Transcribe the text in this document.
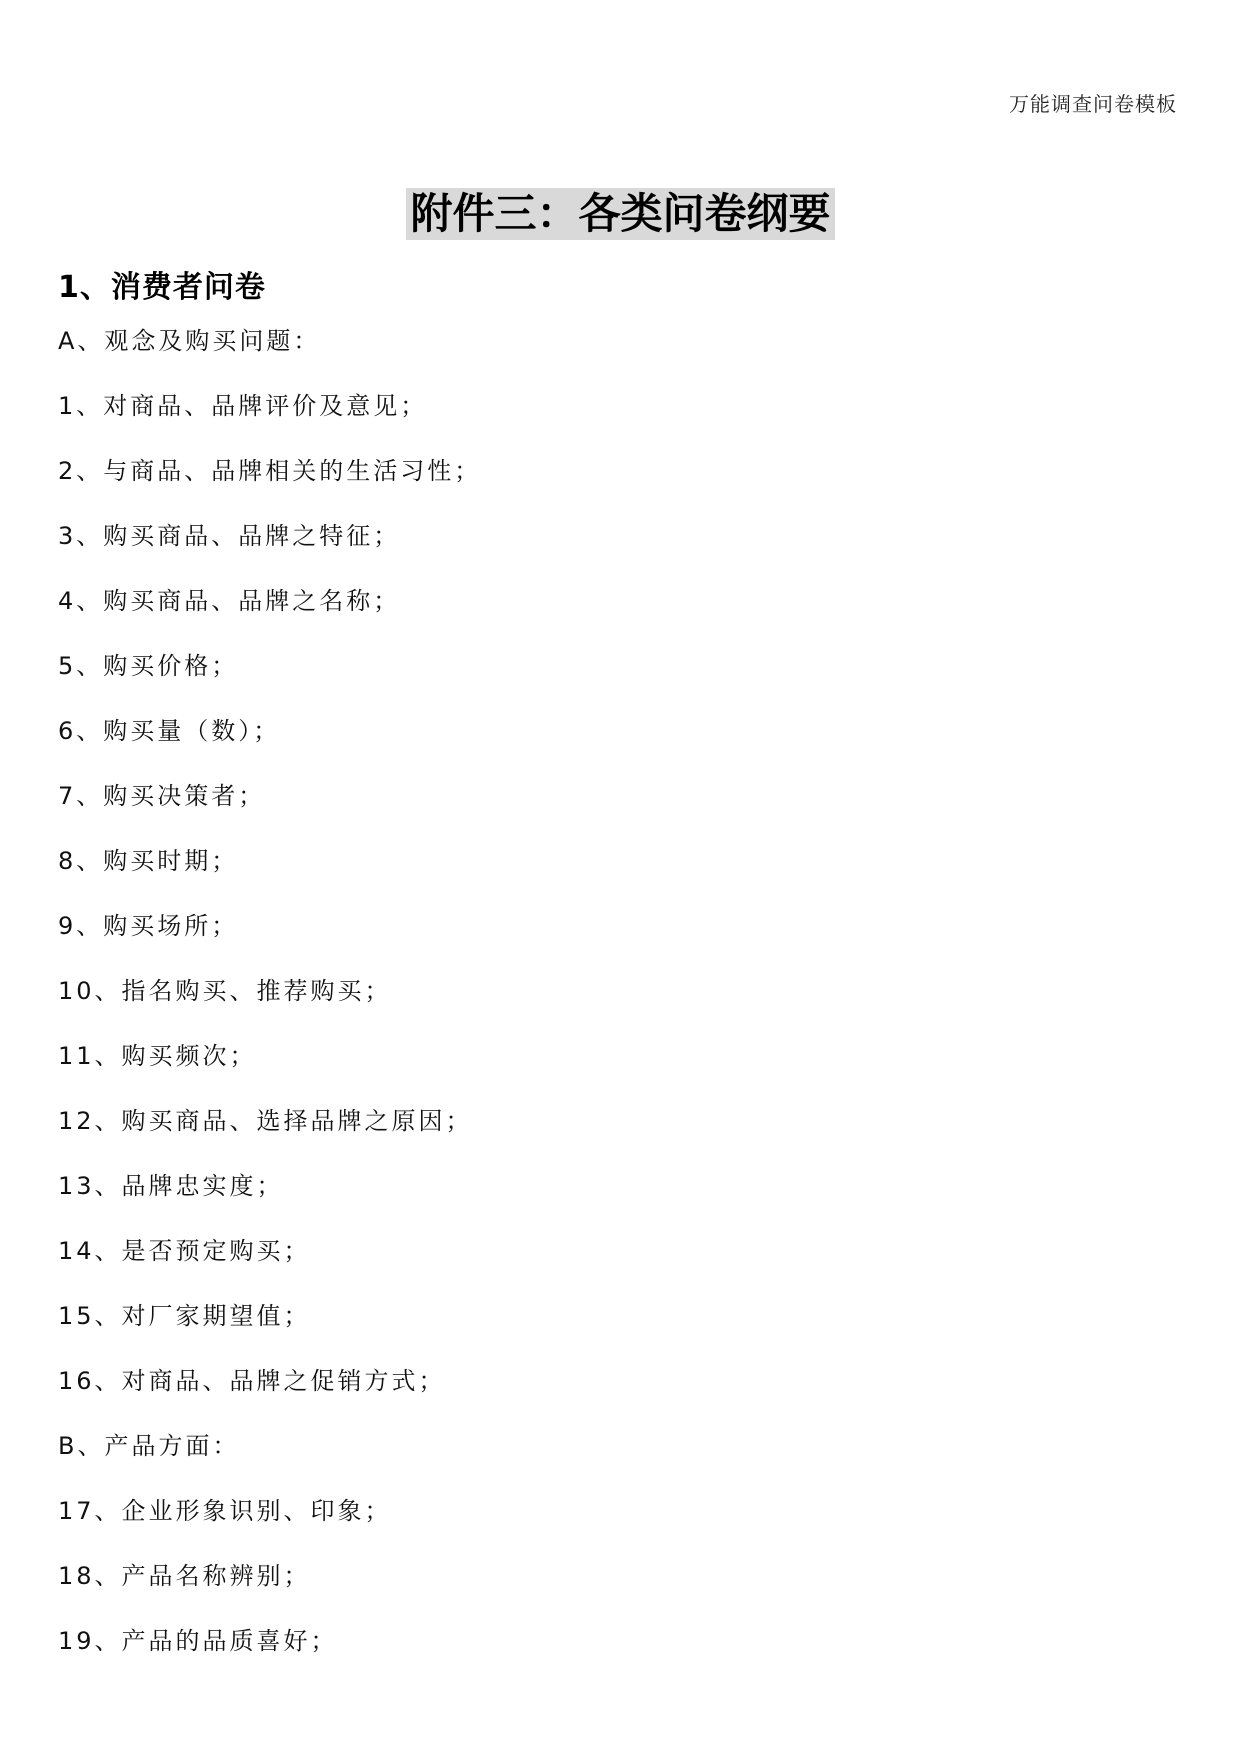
万能调查问卷模板
附件三：各类问卷纲要
1、消费者问卷
A、观念及购买问题：
1、对商品、品牌评价及意见；
2、与商品、品牌相关的生活习性；
3、购买商品、品牌之特征；
4、购买商品、品牌之名称；
5、购买价格；
6、购买量（数）；
7、购买决策者；
8、购买时期；
9、购买场所；
10、指名购买、推荐购买；
11、购买频次；
12、购买商品、选择品牌之原因；
13、品牌忠实度；
14、是否预定购买；
15、对厂家期望值；
16、对商品、品牌之促销方式；
B、产品方面：
17、企业形象识别、印象；
18、产品名称辨别；
19、产品的品质喜好；
